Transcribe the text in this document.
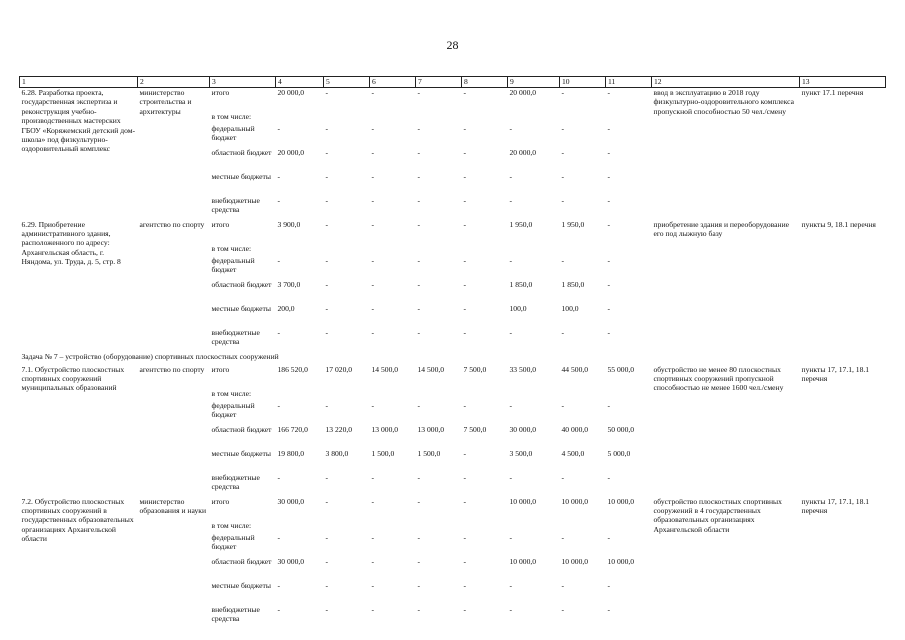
28
1	2	3	4	5	6	7	8	9	10	11	12	13
6.28. Разработка проекта, государственная экспертиза и реконструкция учебно-производственных мастерских ГБОУ «Коряжемский детский дом-школа» под физкультурно-оздоровительный комплекс	министерство строительства и архитектуры	итого	20 000,0	-	-	-	-	20 000,0	-	-	ввод в эксплуатацию в 2018 году физкультурно-оздоровительного комплекса пропускной способностью 50 чел./смену	пункт 17.1 перечня
		в том числе:										
		федеральный бюджет	-	-	-	-	-	-	-	-		
		областной бюджет	20 000,0	-	-	-	-	20 000,0	-	-		
		местные бюджеты	-	-	-	-	-	-	-	-		
		внебюджетные средства	-	-	-	-	-	-	-	-		
6.29. Приобретение административного здания, расположенного по адресу: Архангельская область, г. Няндома, ул. Труда, д. 5, стр. 8	агентство по спорту	итого	3 900,0	-	-	-	-	1 950,0	1 950,0	-	приобретение здания и переоборудование его под лыжную базу	пункты 9, 18.1 перечня
		в том числе:										
		федеральный бюджет	-	-	-	-	-	-	-	-		
		областной бюджет	3 700,0	-	-	-	-	1 850,0	1 850,0	-		
		местные бюджеты	200,0	-	-	-	-	100,0	100,0	-		
		внебюджетные средства	-	-	-	-	-	-	-	-		
Задача № 7 – устройство (оборудование) спортивных плоскостных сооружений												
7.1. Обустройство плоскостных спортивных сооружений муниципальных образований	агентство по спорту	итого	186 520,0	17 020,0	14 500,0	14 500,0	7 500,0	33 500,0	44 500,0	55 000,0	обустройство не менее 80 плоскостных спортивных сооружений пропускной способностью не менее 1600 чел./смену	пункты 17, 17.1, 18.1 перечня
		в том числе:										
		федеральный бюджет	-	-	-	-	-	-	-	-		
		областной бюджет	166 720,0	13 220,0	13 000,0	13 000,0	7 500,0	30 000,0	40 000,0	50 000,0		
		местные бюджеты	19 800,0	3 800,0	1 500,0	1 500,0	-	3 500,0	4 500,0	5 000,0		
		внебюджетные средства	-	-	-	-	-	-	-	-		
7.2. Обустройство плоскостных спортивных сооружений в государственных образовательных организациях Архангельской области	министерство образования и науки	итого	30 000,0	-	-	-	-	10 000,0	10 000,0	10 000,0	обустройство плоскостных спортивных сооружений в 4 государственных образовательных организациях Архангельской области	пункты 17, 17.1, 18.1 перечня
		в том числе:										
		федеральный бюджет	-	-	-	-	-	-	-	-		
		областной бюджет	30 000,0	-	-	-	-	10 000,0	10 000,0	10 000,0		
		местные бюджеты	-	-	-	-	-	-	-	-		
		внебюджетные средства	-	-	-	-	-	-	-	-		
